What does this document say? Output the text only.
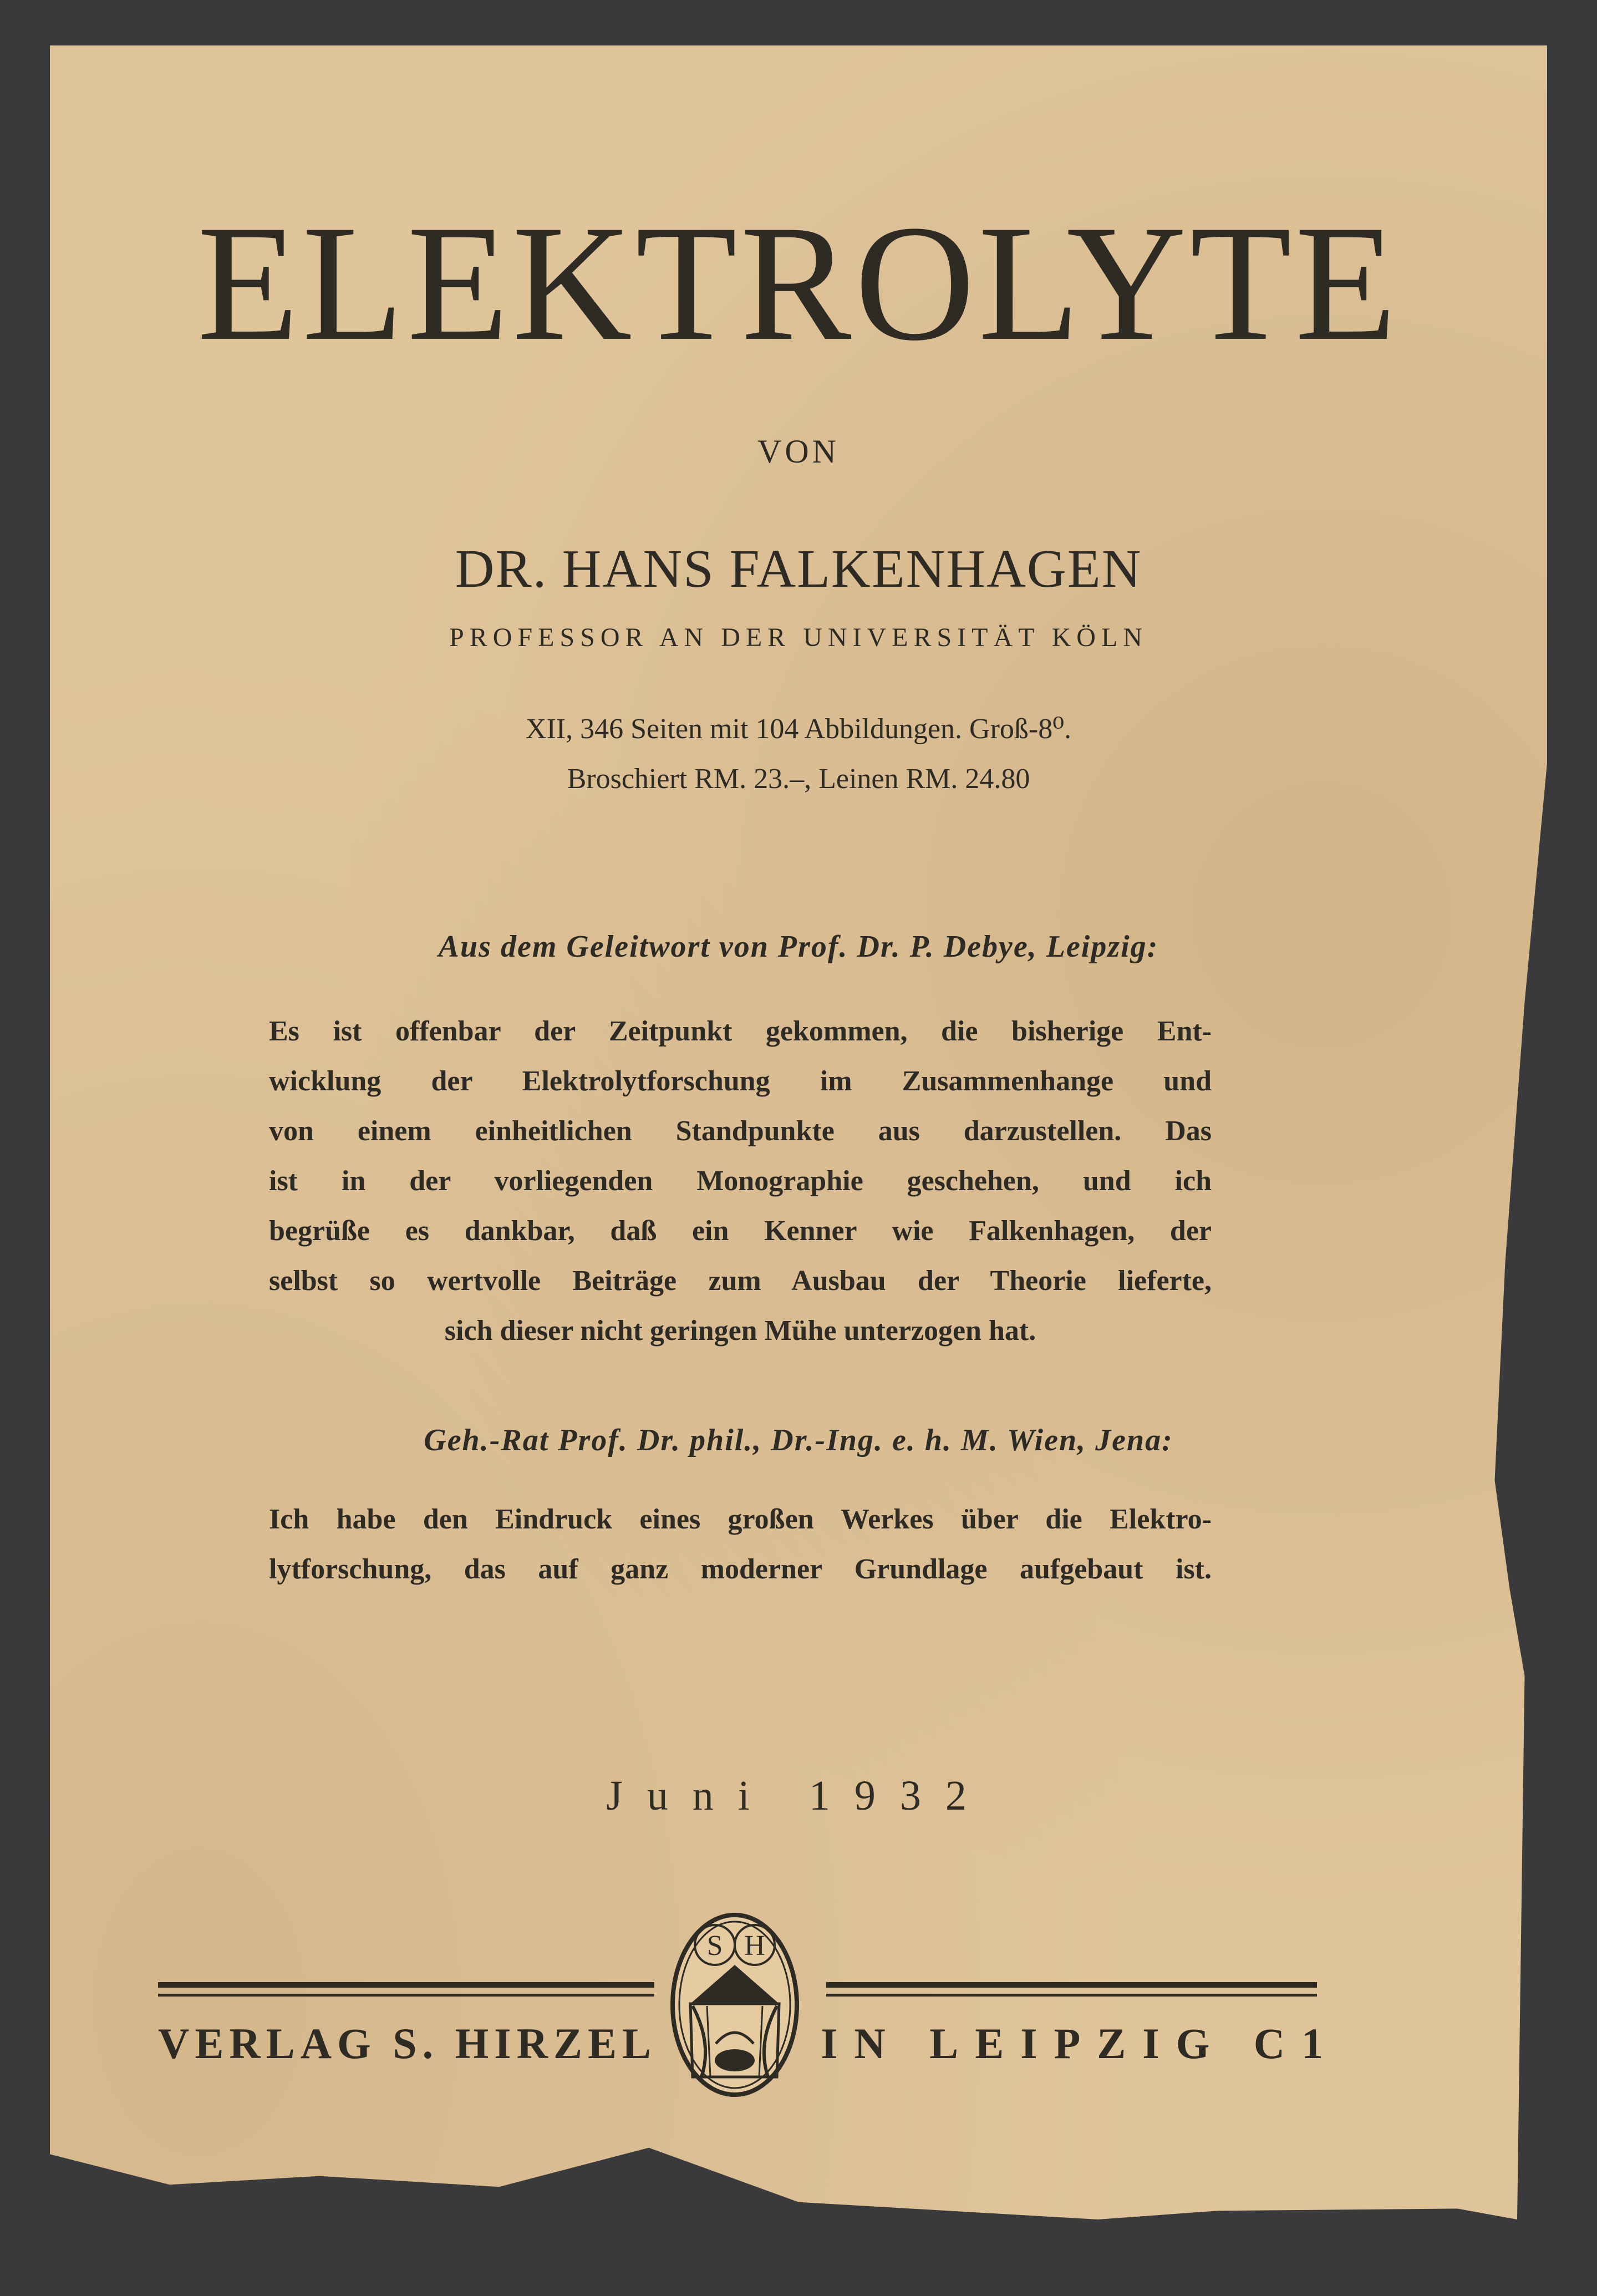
ELEKTROLYTE
VON
DR. HANS FALKENHAGEN
PROFESSOR AN DER UNIVERSITÄT KÖLN
XII, 346 Seiten mit 104 Abbildungen. Groß-8⁰.
Broschiert RM. 23.–, Leinen RM. 24.80
Aus dem Geleitwort von Prof. Dr. P. Debye, Leipzig:
Es ist offenbar der Zeitpunkt gekommen, die bisherige Ent-
wicklung der Elektrolytforschung im Zusammenhange und
von einem einheitlichen Standpunkte aus darzustellen. Das
ist in der vorliegenden Monographie geschehen, und ich
begrüße es dankbar, daß ein Kenner wie Falkenhagen, der
selbst so wertvolle Beiträge zum Ausbau der Theorie lieferte,
sich dieser nicht geringen Mühe unterzogen hat.
Geh.-Rat Prof. Dr. phil., Dr.-Ing. e. h. M. Wien, Jena:
Ich habe den Eindruck eines großen Werkes über die Elektro-
lytforschung, das auf ganz moderner Grundlage aufgebaut ist.
Juni 1932
VERLAG S. HIRZEL	IN LEIPZIG C1
S H
